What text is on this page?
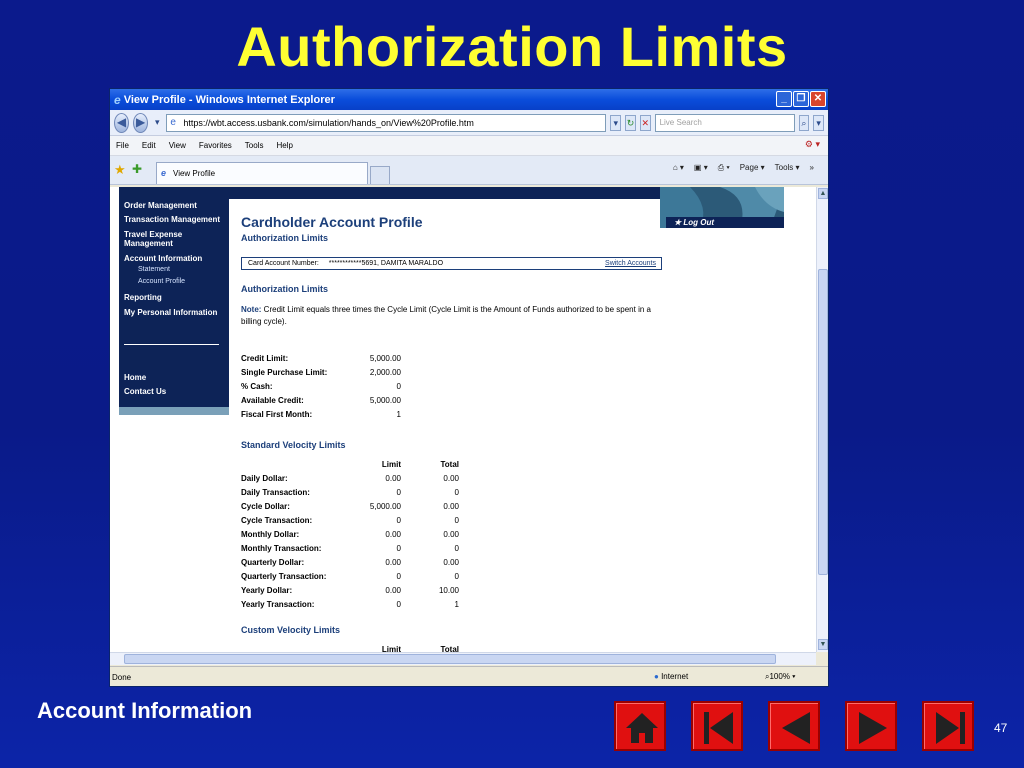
Authorization Limits
e View Profile - Windows Internet Explorer	_ ❐ ✕
◀ ▶	▾ e https://wbt.access.usbank.com/simulation/hands_on/View%20Profile.htm	▾ ↻ ✕	Live Search	⌕	▾
File Edit View Favorites Tools Help	⚙ ▾
★ ✚ e View Profile
⌂ ▾ ▣ ▾ ⎙ ▾ Page ▾ Tools ▾ »
Order Management
Transaction Management
Travel Expense Management
Account Information
Statement
Account Profile
Reporting
My Personal Information
Home
Contact Us
★ Log Out
Cardholder Account Profile
Authorization Limits
Card Account Number: ************5691, DAMITA MARALDO	Switch Accounts
Authorization Limits
Note: Credit Limit equals three times the Cycle Limit (Cycle Limit is the Amount of Funds authorized to be spent in a billing cycle).
Credit Limit:	5,000.00
Single Purchase Limit:	2,000.00
% Cash:	0
Available Credit:	5,000.00
Fiscal First Month:	1
Standard Velocity Limits
Limit	Total
Daily Dollar:	0.00	0.00
Daily Transaction:	0	0
Cycle Dollar:	5,000.00	0.00
Cycle Transaction:	0	0
Monthly Dollar:	0.00	0.00
Monthly Transaction:	0	0
Quarterly Dollar:	0.00	0.00
Quarterly Transaction:	0	0
Yearly Dollar:	0.00	10.00
Yearly Transaction:	0	1
Custom Velocity Limits
Limit	Total
▲
▼
Done	● Internet	⌕100% ▾
Account Information
47
